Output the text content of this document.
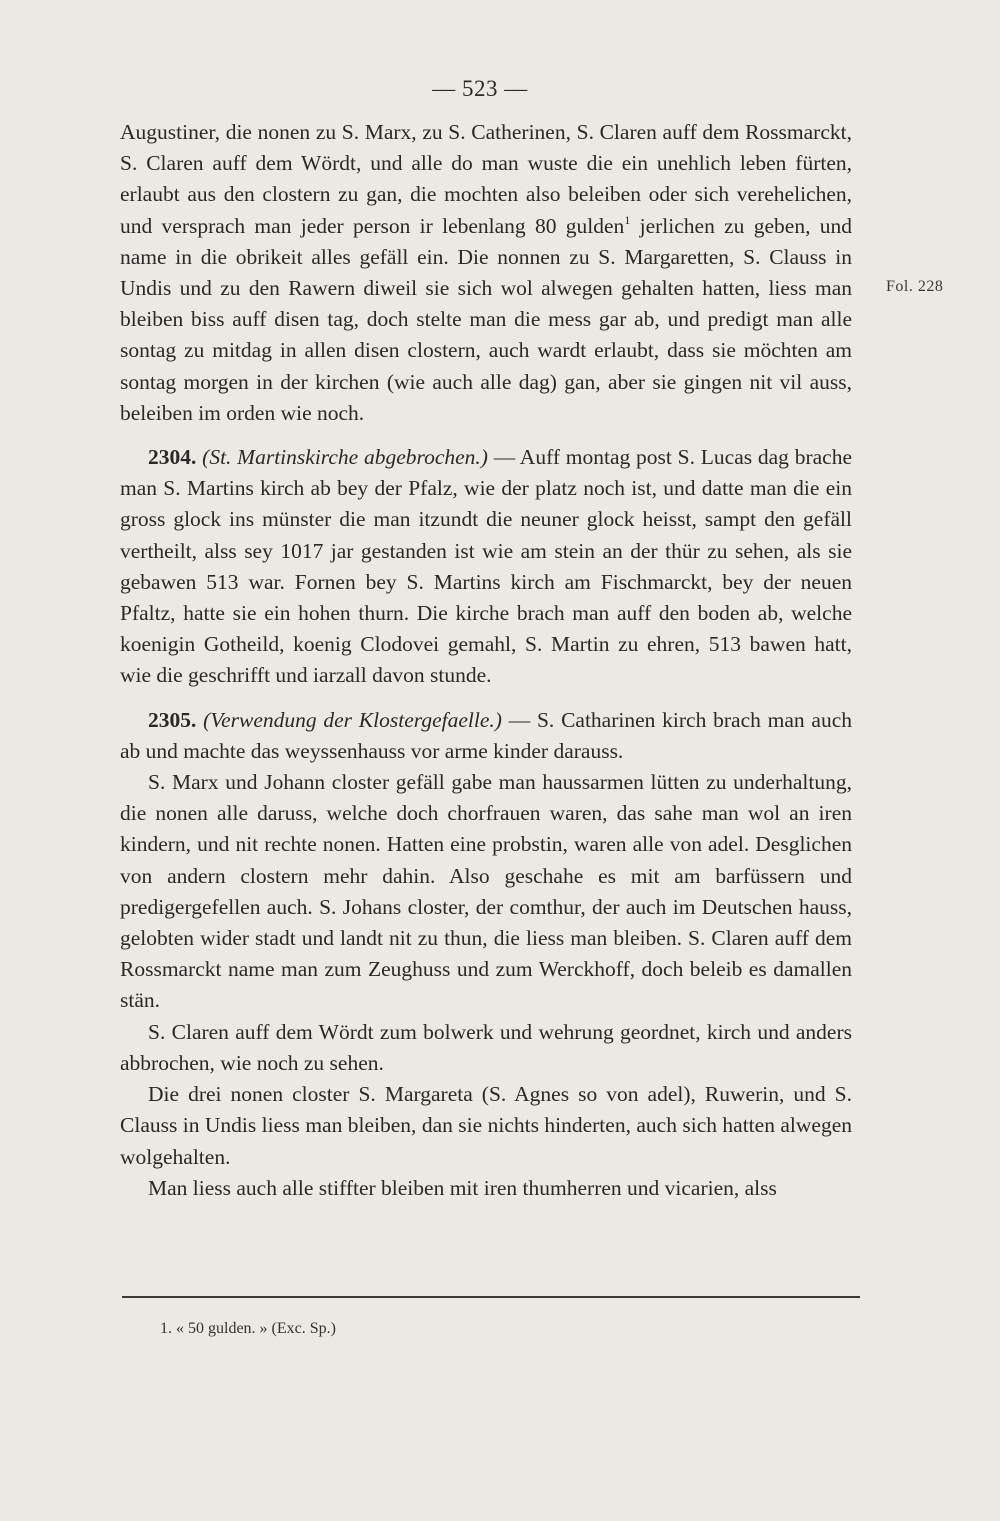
— 523 —
Fol. 228

Augustiner, die nonen zu S. Marx, zu S. Catherinen, S. Claren auff dem Rossmarckt, S. Claren auff dem Wördt, und alle do man wuste die ein unehlich leben fürten, erlaubt aus den clostern zu gan, die mochten also beleiben oder sich verehelichen, und versprach man jeder person ir lebenlang 80 gulden$^1$ jerlichen zu geben, und name in die obrikeit alles gefäll ein. Die nonnen zu S. Margaretten, S. Clauss in Undis und zu den Rawern diweil sie sich wol alwegen gehalten hatten, liess man bleiben biss auff disen tag, doch stelte man die mess gar ab, und predigt man alle sontag zu mitdag in allen disen clostern, auch wardt erlaubt, dass sie möchten am sontag morgen in der kirchen (wie auch alle dag) gan, aber sie gingen nit vil auss, beleiben im orden wie noch.

2304. (St. Martinskirche abgebrochen.) — Auff montag post S. Lucas dag brache man S. Martins kirch ab bey der Pfalz, wie der platz noch ist, und datte man die ein gross glock ins münster die man itzundt die neuner glock heisst, sampt den gefäll vertheilt, alss sey 1017 jar gestanden ist wie am stein an der thür zu sehen, als sie gebawen 513 war. Fornen bey S. Martins kirch am Fischmarckt, bey der neuen Pfaltz, hatte sie ein hohen thurn. Die kirche brach man auff den boden ab, welche koenigin Gotheild, koenig Clodovei gemahl, S. Martin zu ehren, 513 bawen hatt, wie die geschrifft und iarzall davon stunde.

2305. (Verwendung der Klostergefaelle.) — S. Catharinen kirch brach man auch ab und machte das weyssenhauss vor arme kinder darauss.

S. Marx und Johann closter gefäll gabe man haussarmen lütten zu underhaltung, die nonen alle daruss, welche doch chorfrauen waren, das sahe man wol an iren kindern, und nit rechte nonen. Hatten eine probstin, waren alle von adel. Desglichen von andern clostern mehr dahin. Also geschahe es mit am barfüssern und predigergefellen auch. S. Johans closter, der comthur, der auch im Deutschen hauss, gelobten wider stadt und landt nit zu thun, die liess man bleiben. S. Claren auff dem Rossmarckt name man zum Zeughuss und zum Werckhoff, doch beleib es damallen stän.

S. Claren auff dem Wördt zum bolwerk und wehrung geordnet, kirch und anders abbrochen, wie noch zu sehen.

Die drei nonen closter S. Margareta (S. Agnes so von adel), Ruwerin, und S. Clauss in Undis liess man bleiben, dan sie nichts hinderten, auch sich hatten alwegen wolgehalten.

Man liess auch alle stiffter bleiben mit iren thumherren und vicarien, alss

1. « 50 gulden. » (Exc. Sp.)
